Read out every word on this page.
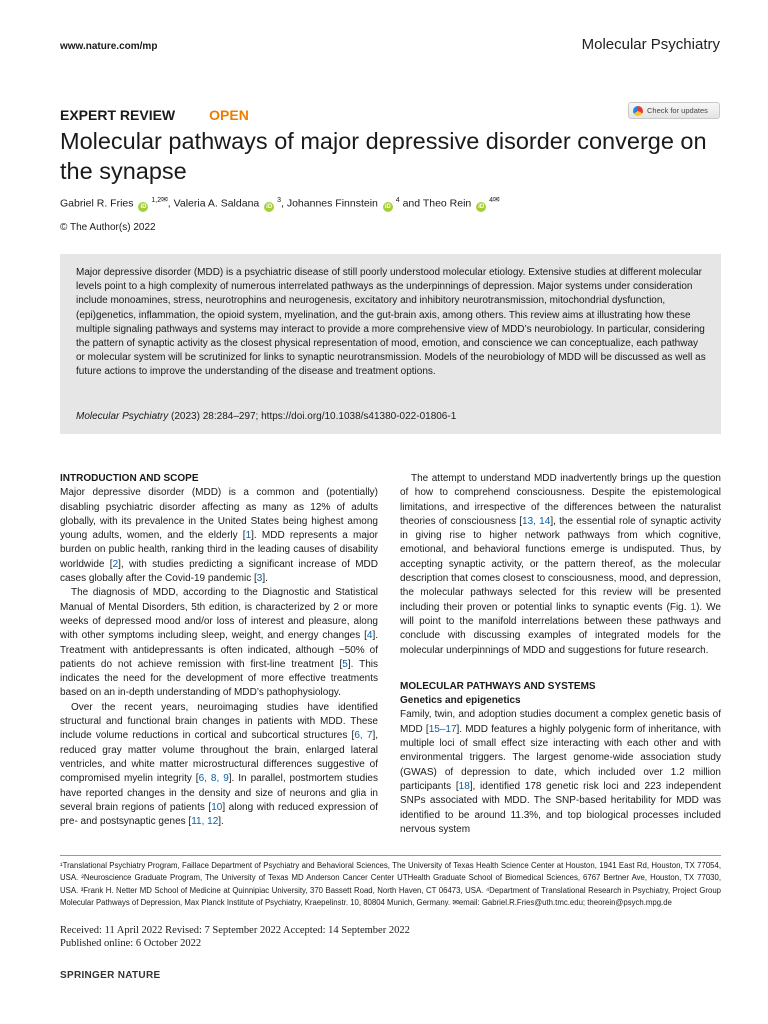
www.nature.com/mp	Molecular Psychiatry
EXPERT REVIEW OPEN	Check for updates
Molecular pathways of major depressive disorder converge on the synapse
Gabriel R. Fries iD $^{1,2✉}$, Valeria A. Saldana iD $^3$, Johannes Finnstein iD $^4$ and Theo Rein iD $^{4✉}$
© The Author(s) 2022
Major depressive disorder (MDD) is a psychiatric disease of still poorly understood molecular etiology. Extensive studies at different molecular levels point to a high complexity of numerous interrelated pathways as the underpinnings of depression. Major systems under consideration include monoamines, stress, neurotrophins and neurogenesis, excitatory and inhibitory neurotransmission, mitochondrial dysfunction, (epi)genetics, inflammation, the opioid system, myelination, and the gut-brain axis, among others. This review aims at illustrating how these multiple signaling pathways and systems may interact to provide a more comprehensive view of MDD’s neurobiology. In particular, considering the pattern of synaptic activity as the closest physical representation of mood, emotion, and conscience we can conceptualize, each pathway or molecular system will be scrutinized for links to synaptic neurotransmission. Models of the neurobiology of MDD will be discussed as well as future actions to improve the understanding of the disease and treatment options.
Molecular Psychiatry (2023) 28:284–297; https://doi.org/10.1038/s41380-022-01806-1
INTRODUCTION AND SCOPE

Major depressive disorder (MDD) is a common and (potentially) disabling psychiatric disorder affecting as many as 12% of adults globally, with its prevalence in the United States being highest among young adults, women, and the elderly [1]. MDD represents a major burden on public health, ranking third in the leading causes of disability worldwide [2], with studies predicting a significant increase of MDD cases globally after the Covid-19 pandemic [3].

The diagnosis of MDD, according to the Diagnostic and Statistical Manual of Mental Disorders, 5th edition, is characterized by 2 or more weeks of depressed mood and/or loss of interest and pleasure, along with other symptoms including sleep, weight, and energy changes [4]. Treatment with antidepressants is often indicated, although ~50% of patients do not achieve remission with first-line treatment [5]. This indicates the need for the development of more effective treatments based on an in-depth understanding of MDD’s pathophysiology.

Over the recent years, neuroimaging studies have identified structural and functional brain changes in patients with MDD. These include volume reductions in cortical and subcortical structures [6, 7], reduced gray matter volume throughout the brain, enlarged lateral ventricles, and white matter microstructural differences suggestive of compromised myelin integrity [6, 8, 9]. In parallel, postmortem studies have reported changes in the density and size of neurons and glia in several brain regions of patients [10] along with reduced expression of pre- and postsynaptic genes [11, 12].

The attempt to understand MDD inadvertently brings up the question of how to comprehend consciousness. Despite the epistemological limitations, and irrespective of the differences between the naturalist theories of consciousness [13, 14], the essential role of synaptic activity in giving rise to higher network pathways from which cognitive, emotional, and behavioral functions emerge is undisputed. Thus, by accepting synaptic activity, or the pattern thereof, as the molecular description that comes closest to consciousness, mood, and depression, the molecular pathways selected for this review will be presented including their proven or potential links to synaptic events (Fig. 1). We will point to the manifold interrelations between these pathways and conclude with discussing examples of integrated models for the molecular underpinnings of MDD and suggestions for future research.

MOLECULAR PATHWAYS AND SYSTEMS
Genetics and epigenetics

Family, twin, and adoption studies document a complex genetic basis of MDD [15–17]. MDD features a highly polygenic form of inheritance, with multiple loci of small effect size interacting with each other and with environmental triggers. The largest genome-wide association study (GWAS) of depression to date, which included over 1.2 million participants [18], identified 178 genetic risk loci and 223 independent SNPs associated with MDD. The SNP-based heritability for MDD was identified to be around 11.3%, and top biological processes included nervous system

¹Translational Psychiatry Program, Faillace Department of Psychiatry and Behavioral Sciences, The University of Texas Health Science Center at Houston, 1941 East Rd, Houston, TX 77054, USA. ²Neuroscience Graduate Program, The University of Texas MD Anderson Cancer Center UTHealth Graduate School of Biomedical Sciences, 6767 Bertner Ave, Houston, TX 77030, USA. ³Frank H. Netter MD School of Medicine at Quinnipiac University, 370 Bassett Road, North Haven, CT 06473, USA. ⁴Department of Translational Research in Psychiatry, Project Group Molecular Pathways of Depression, Max Planck Institute of Psychiatry, Kraepelinstr. 10, 80804 Munich, Germany. ✉email: Gabriel.R.Fries@uth.tmc.edu; theorein@psych.mpg.de
Received: 11 April 2022 Revised: 7 September 2022 Accepted: 14 September 2022
Published online: 6 October 2022
SPRINGER NATURE
